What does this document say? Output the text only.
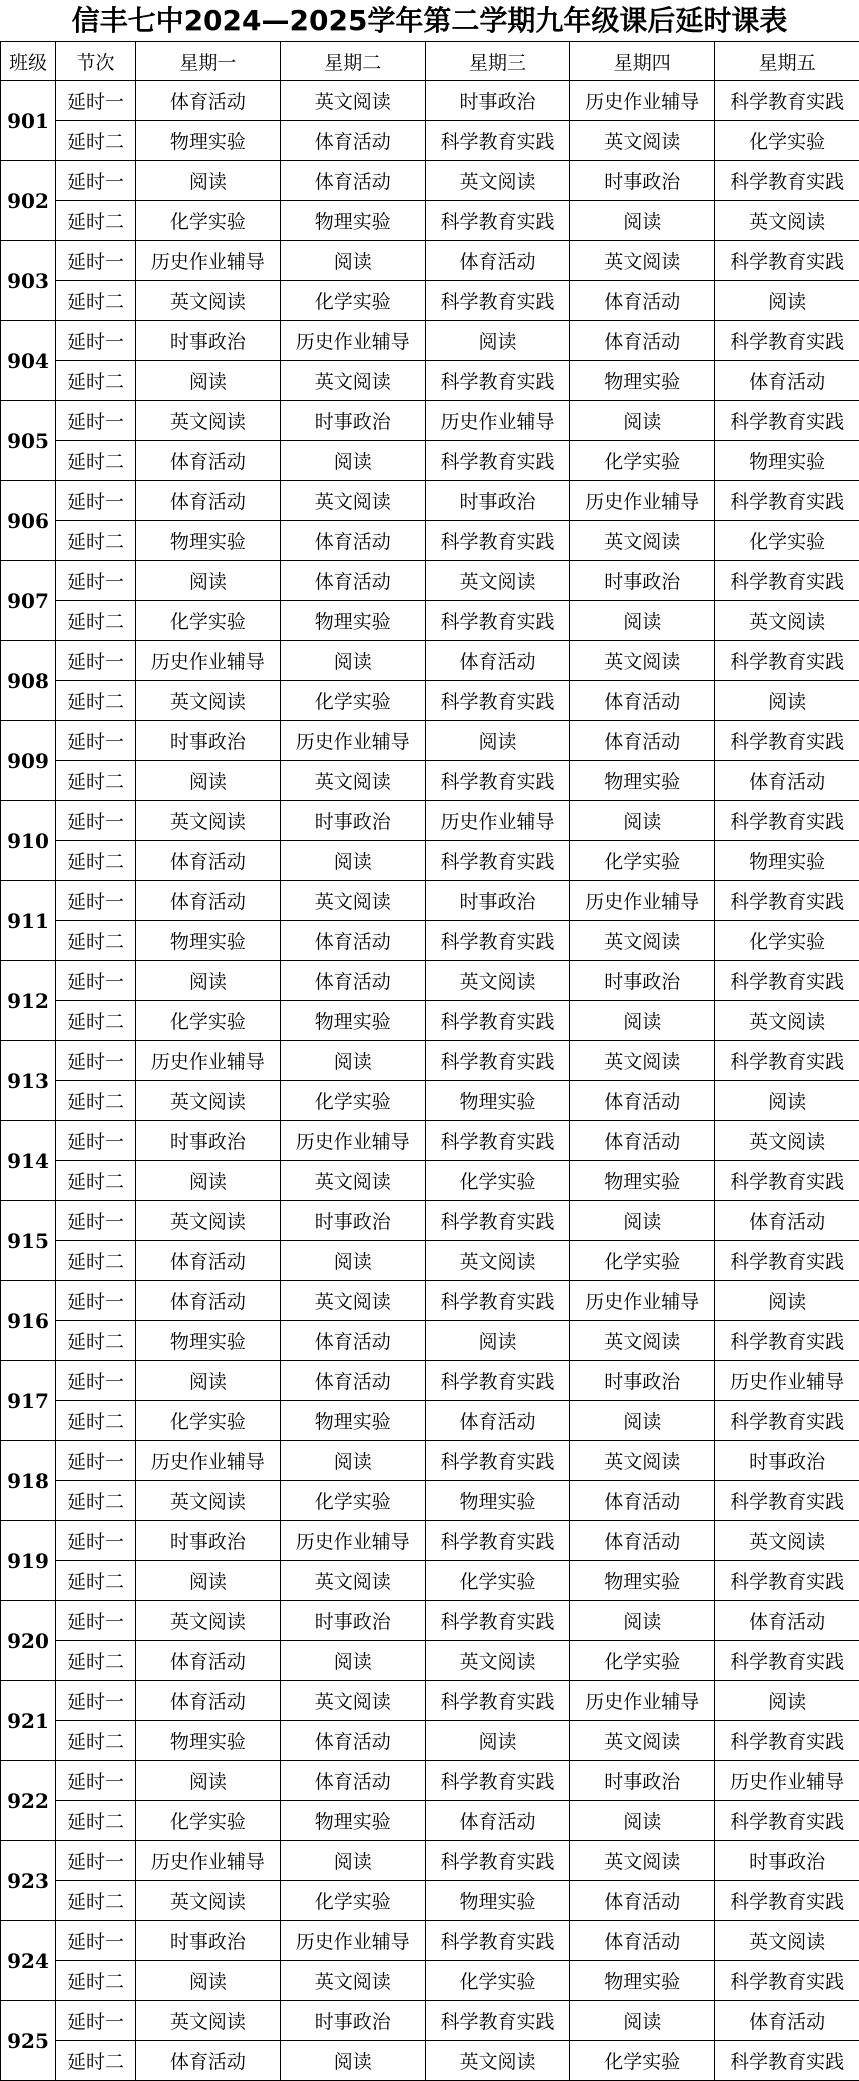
信丰七中2024—2025学年第二学期九年级课后延时课表
班级	节次	星期一	星期二	星期三	星期四	星期五
901	延时一	体育活动	英文阅读	时事政治	历史作业辅导	科学教育实践
	延时二	物理实验	体育活动	科学教育实践	英文阅读	化学实验
902	延时一	阅读	体育活动	英文阅读	时事政治	科学教育实践
	延时二	化学实验	物理实验	科学教育实践	阅读	英文阅读
903	延时一	历史作业辅导	阅读	体育活动	英文阅读	科学教育实践
	延时二	英文阅读	化学实验	科学教育实践	体育活动	阅读
904	延时一	时事政治	历史作业辅导	阅读	体育活动	科学教育实践
	延时二	阅读	英文阅读	科学教育实践	物理实验	体育活动
905	延时一	英文阅读	时事政治	历史作业辅导	阅读	科学教育实践
	延时二	体育活动	阅读	科学教育实践	化学实验	物理实验
906	延时一	体育活动	英文阅读	时事政治	历史作业辅导	科学教育实践
	延时二	物理实验	体育活动	科学教育实践	英文阅读	化学实验
907	延时一	阅读	体育活动	英文阅读	时事政治	科学教育实践
	延时二	化学实验	物理实验	科学教育实践	阅读	英文阅读
908	延时一	历史作业辅导	阅读	体育活动	英文阅读	科学教育实践
	延时二	英文阅读	化学实验	科学教育实践	体育活动	阅读
909	延时一	时事政治	历史作业辅导	阅读	体育活动	科学教育实践
	延时二	阅读	英文阅读	科学教育实践	物理实验	体育活动
910	延时一	英文阅读	时事政治	历史作业辅导	阅读	科学教育实践
	延时二	体育活动	阅读	科学教育实践	化学实验	物理实验
911	延时一	体育活动	英文阅读	时事政治	历史作业辅导	科学教育实践
	延时二	物理实验	体育活动	科学教育实践	英文阅读	化学实验
912	延时一	阅读	体育活动	英文阅读	时事政治	科学教育实践
	延时二	化学实验	物理实验	科学教育实践	阅读	英文阅读
913	延时一	历史作业辅导	阅读	科学教育实践	英文阅读	科学教育实践
	延时二	英文阅读	化学实验	物理实验	体育活动	阅读
914	延时一	时事政治	历史作业辅导	科学教育实践	体育活动	英文阅读
	延时二	阅读	英文阅读	化学实验	物理实验	科学教育实践
915	延时一	英文阅读	时事政治	科学教育实践	阅读	体育活动
	延时二	体育活动	阅读	英文阅读	化学实验	科学教育实践
916	延时一	体育活动	英文阅读	科学教育实践	历史作业辅导	阅读
	延时二	物理实验	体育活动	阅读	英文阅读	科学教育实践
917	延时一	阅读	体育活动	科学教育实践	时事政治	历史作业辅导
	延时二	化学实验	物理实验	体育活动	阅读	科学教育实践
918	延时一	历史作业辅导	阅读	科学教育实践	英文阅读	时事政治
	延时二	英文阅读	化学实验	物理实验	体育活动	科学教育实践
919	延时一	时事政治	历史作业辅导	科学教育实践	体育活动	英文阅读
	延时二	阅读	英文阅读	化学实验	物理实验	科学教育实践
920	延时一	英文阅读	时事政治	科学教育实践	阅读	体育活动
	延时二	体育活动	阅读	英文阅读	化学实验	科学教育实践
921	延时一	体育活动	英文阅读	科学教育实践	历史作业辅导	阅读
	延时二	物理实验	体育活动	阅读	英文阅读	科学教育实践
922	延时一	阅读	体育活动	科学教育实践	时事政治	历史作业辅导
	延时二	化学实验	物理实验	体育活动	阅读	科学教育实践
923	延时一	历史作业辅导	阅读	科学教育实践	英文阅读	时事政治
	延时二	英文阅读	化学实验	物理实验	体育活动	科学教育实践
924	延时一	时事政治	历史作业辅导	科学教育实践	体育活动	英文阅读
	延时二	阅读	英文阅读	化学实验	物理实验	科学教育实践
925	延时一	英文阅读	时事政治	科学教育实践	阅读	体育活动
	延时二	体育活动	阅读	英文阅读	化学实验	科学教育实践
